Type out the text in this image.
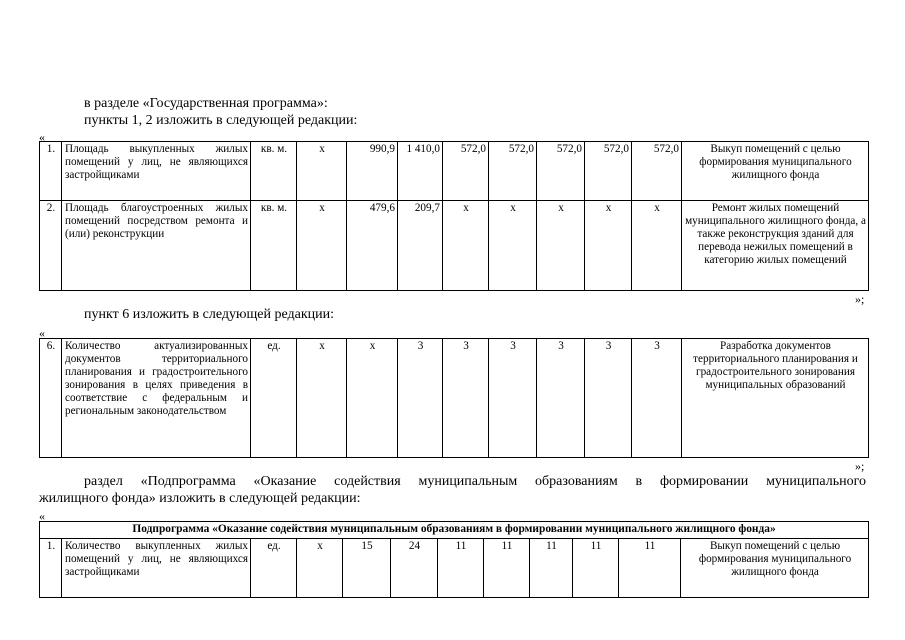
в разделе «Государственная программа»:
пункты 1, 2 изложить в следующей редакции:
«
1.	Площадь выкупленных жилых помещений у лиц, не являющихся застройщиками	кв. м.	х	990,9	1 410,0	572,0	572,0	572,0	572,0	572,0	Выкуп помещений с целью формирования муниципального жилищного фонда
2.	Площадь благоустроенных жилых помещений посредством ремонта и (или) реконструкции	кв. м.	х	479,6	209,7	х	х	х	х	х	Ремонт жилых помещений муниципального жилищного фонда, а также реконструкция зданий для перевода нежилых помещений в категорию жилых помещений
»;
пункт 6 изложить в следующей редакции:
«
6.	Количество актуализированных документов территориального планирования и градостроительного зонирования в целях приведения в соответствие с федеральным и региональным законодательством	ед.	х	х	3	3	3	3	3	3	Разработка документов территориального планирования и градостроительного зонирования муниципальных образований
»;
раздел «Подпрограмма «Оказание содействия муниципальным образованиям в формировании муниципального
жилищного фонда» изложить в следующей редакции:
«
Подпрограмма «Оказание содействия муниципальным образованиям в формировании муниципального жилищного фонда»
1.	Количество выкупленных жилых помещений у лиц, не являющихся застройщиками	ед.	х	15	24	11	11	11	11	11	Выкуп помещений с целью формирования муниципального жилищного фонда
